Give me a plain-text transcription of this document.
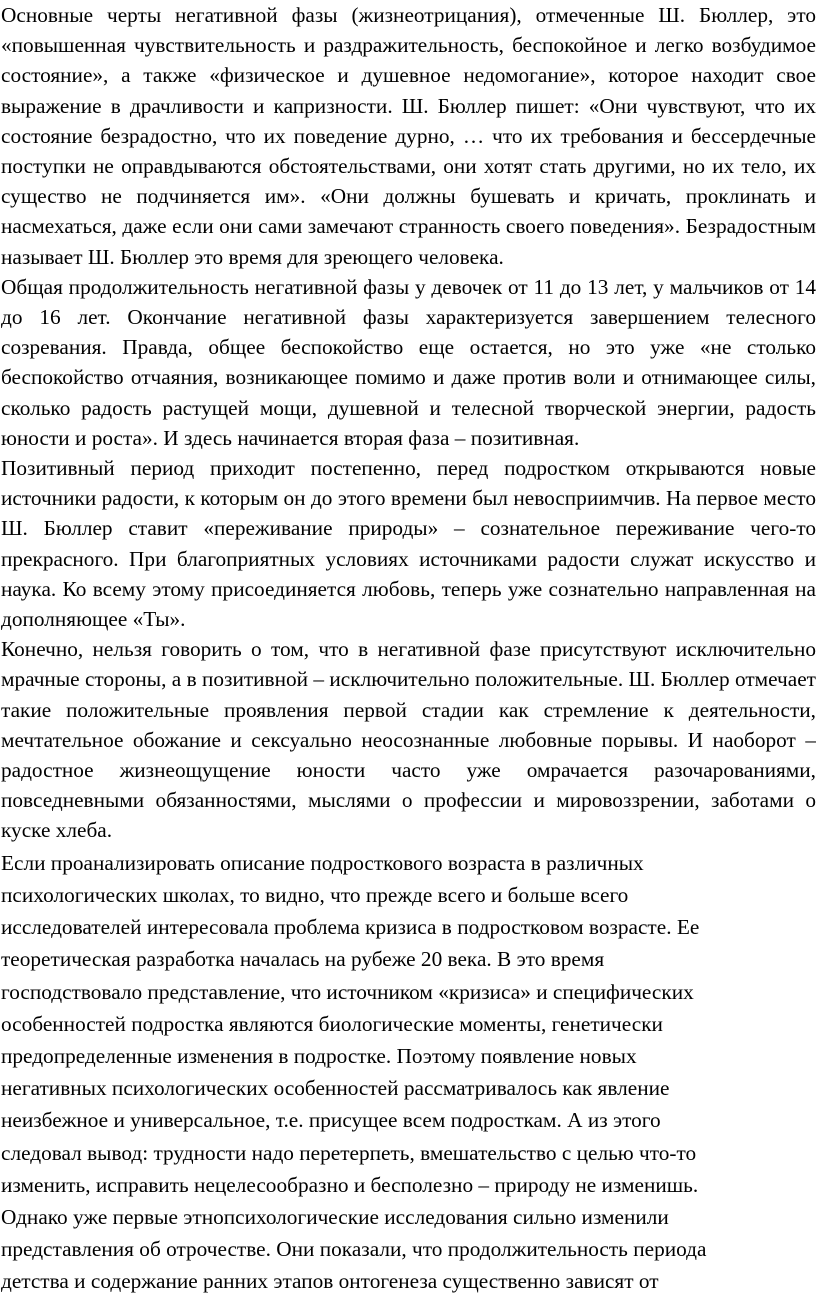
Основные черты негативной фазы (жизнеотрицания), отмеченные Ш. Бюллер, это «повышенная чувствительность и раздражительность, беспокойное и легко возбудимое состояние», а также «физическое и душевное недомогание», которое находит свое выражение в драчливости и капризности. Ш. Бюллер пишет: «Они чувствуют, что их состояние безрадостно, что их поведение дурно, … что их требования и бессердечные поступки не оправдываются обстоятельствами, они хотят стать другими, но их тело, их существо не подчиняется им». «Они должны бушевать и кричать, проклинать и насмехаться, даже если они сами замечают странность своего поведения». Безрадостным называет Ш. Бюллер это время для зреющего человека.

Общая продолжительность негативной фазы у девочек от 11 до 13 лет, у мальчиков от 14 до 16 лет. Окончание негативной фазы характеризуется завершением телесного созревания. Правда, общее беспокойство еще остается, но это уже «не столько беспокойство отчаяния, возникающее помимо и даже против воли и отнимающее силы, сколько радость растущей мощи, душевной и телесной творческой энергии, радость юности и роста». И здесь начинается вторая фаза – позитивная.

Позитивный период приходит постепенно, перед подростком открываются новые источники радости, к которым он до этого времени был невосприимчив. На первое место Ш. Бюллер ставит «переживание природы» – сознательное переживание чего-то прекрасного. При благоприятных условиях источниками радости служат искусство и наука. Ко всему этому присоединяется любовь, теперь уже сознательно направленная на дополняющее «Ты».

Конечно, нельзя говорить о том, что в негативной фазе присутствуют исключительно мрачные стороны, а в позитивной – исключительно положительные. Ш. Бюллер отмечает такие положительные проявления первой стадии как стремление к деятельности, мечтательное обожание и сексуально неосознанные любовные порывы. И наоборот – радостное жизнеощущение юности часто уже омрачается разочарованиями, повседневными обязанностями, мыслями о профессии и мировоззрении, заботами о куске хлеба.

Если проанализировать описание подросткового возраста в различных
психологических школах, то видно, что прежде всего и больше всего
исследователей интересовала проблема кризиса в подростковом возрасте. Ее
теоретическая разработка началась на рубеже 20 века. В это время
господствовало представление, что источником «кризиса» и специфических
особенностей подростка являются биологические моменты, генетически
предопределенные изменения в подростке. Поэтому появление новых
негативных психологических особенностей рассматривалось как явление
неизбежное и универсальное, т.е. присущее всем подросткам. А из этого
следовал вывод: трудности надо перетерпеть, вмешательство с целью что-то
изменить, исправить нецелесообразно и бесполезно – природу не изменишь.
Однако уже первые этнопсихологические исследования сильно изменили
представления об отрочестве. Они показали, что продолжительность периода
детства и содержание ранних этапов онтогенеза существенно зависят от
